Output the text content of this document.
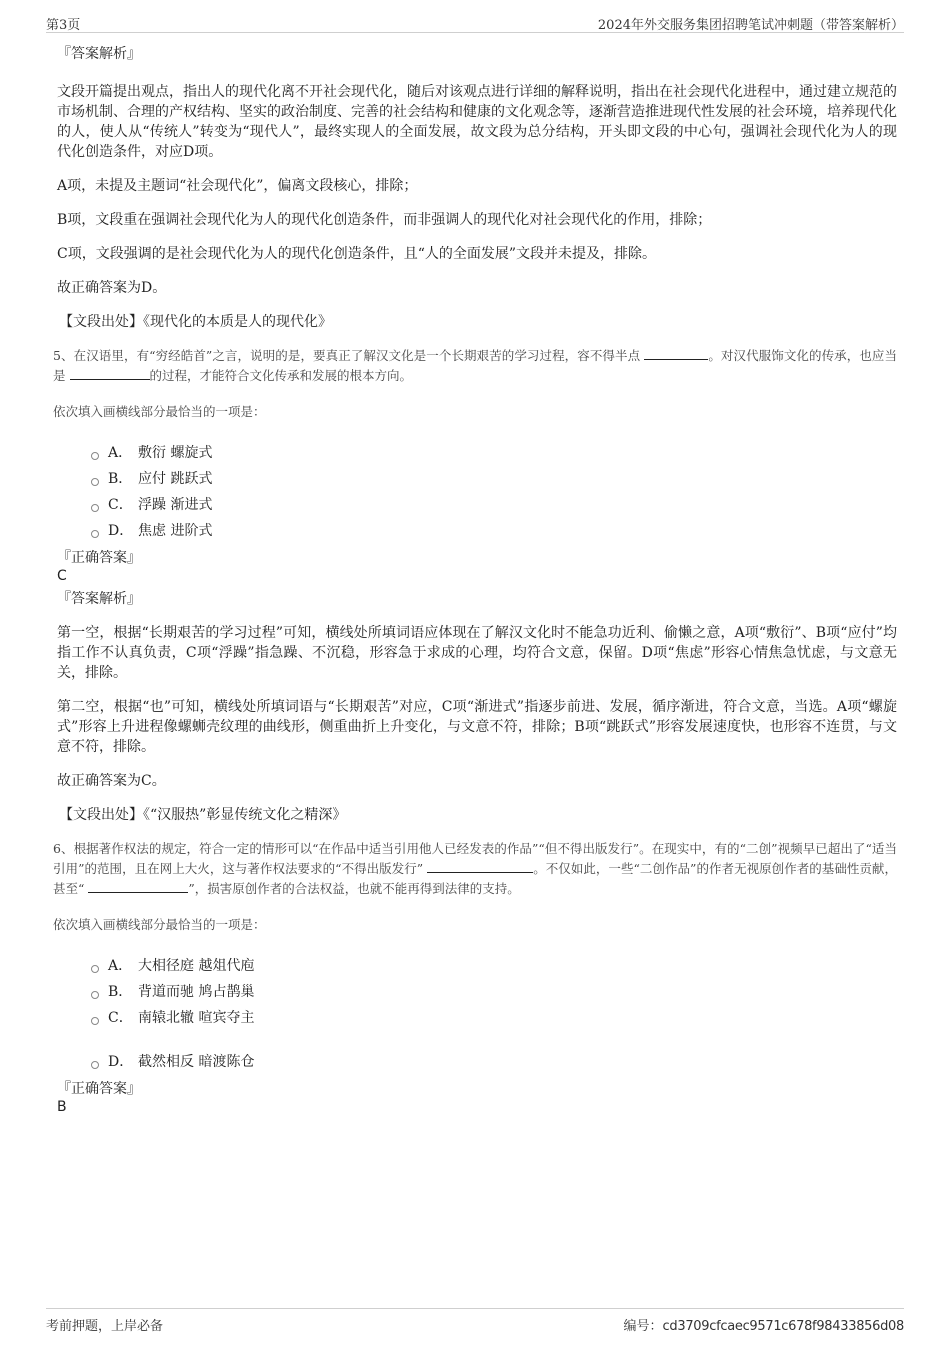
第3页	2024年外交服务集团招聘笔试冲刺题（带答案解析）

『答案解析』

文段开篇提出观点，指出人的现代化离不开社会现代化，随后对该观点进行详细的解释说明，指出在社会现代化进程中，通过建立规范的市场机制、合理的产权结构、坚实的政治制度、完善的社会结构和健康的文化观念等，逐渐营造推进现代性发展的社会环境，培养现代化的人，使人从“传统人”转变为“现代人”，最终实现人的全面发展，故文段为总分结构，开头即文段的中心句，强调社会现代化为人的现代化创造条件，对应D项。

A项，未提及主题词“社会现代化”，偏离文段核心，排除；

B项，文段重在强调社会现代化为人的现代化创造条件，而非强调人的现代化对社会现代化的作用，排除；

C项，文段强调的是社会现代化为人的现代化创造条件，且“人的全面发展”文段并未提及，排除。

故正确答案为D。

【文段出处】《现代化的本质是人的现代化》

5、在汉语里，有“穷经皓首”之言，说明的是，要真正了解汉文化是一个长期艰苦的学习过程，容不得半点	。对汉代服饰文化的传承，也应当是	的过程，才能符合文化传承和发展的根本方向。

依次填入画横线部分最恰当的一项是：

A． 敷衍 螺旋式
B． 应付 跳跃式
C． 浮躁 渐进式
D． 焦虑 进阶式

『正确答案』

C

『答案解析』

第一空，根据“长期艰苦的学习过程”可知，横线处所填词语应体现在了解汉文化时不能急功近利、偷懒之意，A项“敷衍”、B项“应付”均指工作不认真负责，C项“浮躁”指急躁、不沉稳，形容急于求成的心理，均符合文意，保留。D项“焦虑”形容心情焦急忧虑，与文意无关，排除。

第二空，根据“也”可知，横线处所填词语与“长期艰苦”对应，C项“渐进式”指逐步前进、发展，循序渐进，符合文意，当选。A项“螺旋式”形容上升进程像螺蛳壳纹理的曲线形，侧重曲折上升变化，与文意不符，排除；B项“跳跃式”形容发展速度快，也形容不连贯，与文意不符，排除。

故正确答案为C。

【文段出处】《“汉服热”彰显传统文化之精深》

6、根据著作权法的规定，符合一定的情形可以“在作品中适当引用他人已经发表的作品”“但不得出版发行”。在现实中，有的“二创”视频早已超出了“适当引用”的范围，且在网上大火，这与著作权法要求的“不得出版发行”	。不仅如此，一些“二创作品”的作者无视原创作者的基础性贡献，甚至“	”，损害原创作者的合法权益，也就不能再得到法律的支持。

依次填入画横线部分最恰当的一项是：

A． 大相径庭 越俎代庖
B． 背道而驰 鸠占鹊巢
C． 南辕北辙 喧宾夺主
D． 截然相反 暗渡陈仓

『正确答案』

B

考前押题，上岸必备	编号：cd3709cfcaec9571c678f98433856d08
